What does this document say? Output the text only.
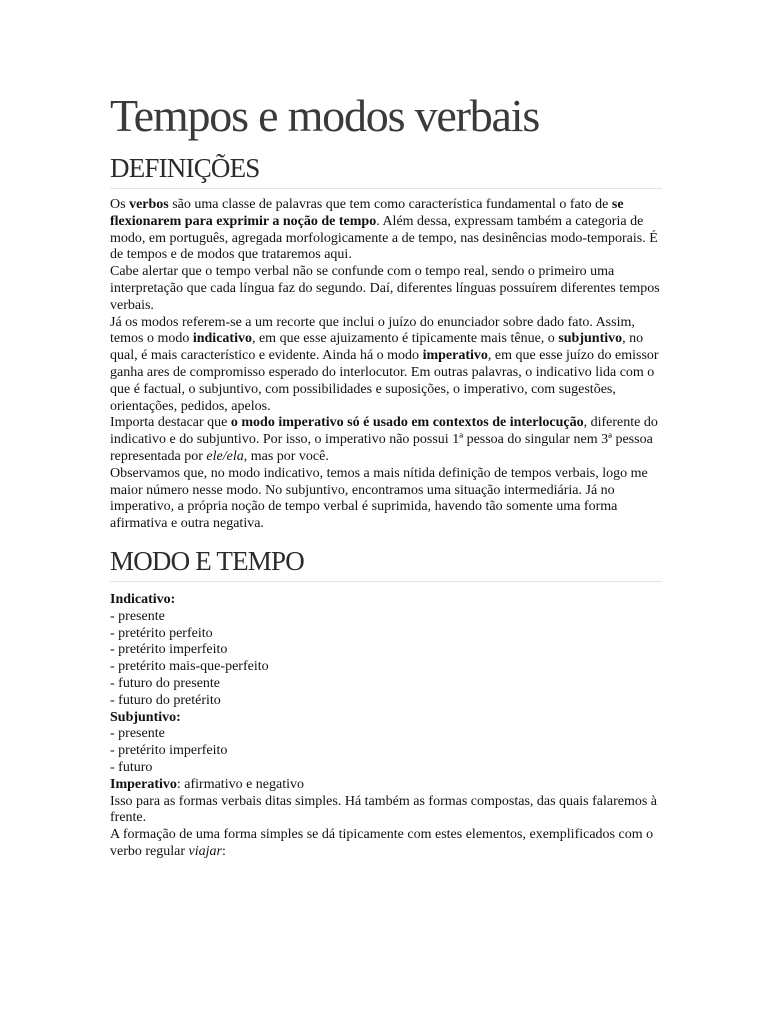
Tempos e modos verbais
DEFINIÇÕES

Os verbos são uma classe de palavras que tem como característica fundamental o fato de se flexionarem para exprimir a noção de tempo. Além dessa, expressam também a categoria de modo, em português, agregada morfologicamente a de tempo, nas desinências modo-temporais. É de tempos e de modos que trataremos aqui.

Cabe alertar que o tempo verbal não se confunde com o tempo real, sendo o primeiro uma interpretação que cada língua faz do segundo. Daí, diferentes línguas possuírem diferentes tempos verbais.

Já os modos referem-se a um recorte que inclui o juízo do enunciador sobre dado fato. Assim, temos o modo indicativo, em que esse ajuizamento é tipicamente mais tênue, o subjuntivo, no qual, é mais característico e evidente. Ainda há o modo imperativo, em que esse juízo do emissor ganha ares de compromisso esperado do interlocutor. Em outras palavras, o indicativo lida com o que é factual, o subjuntivo, com possibilidades e suposições, o imperativo, com sugestões, orientações, pedidos, apelos.

Importa destacar que o modo imperativo só é usado em contextos de interlocução, diferente do indicativo e do subjuntivo. Por isso, o imperativo não possui 1ª pessoa do singular nem 3ª pessoa representada por ele/ela, mas por você.

Observamos que, no modo indicativo, temos a mais nítida definição de tempos verbais, logo me maior número nesse modo. No subjuntivo, encontramos uma situação intermediária. Já no imperativo, a própria noção de tempo verbal é suprimida, havendo tão somente uma forma afirmativa e outra negativa.

MODO E TEMPO
Indicativo:
- presente
- pretérito perfeito
- pretérito imperfeito
- pretérito mais-que-perfeito
- futuro do presente
- futuro do pretérito
Subjuntivo:
- presente
- pretérito imperfeito
- futuro
Imperativo: afirmativo e negativo

Isso para as formas verbais ditas simples. Há também as formas compostas, das quais falaremos à frente.

A formação de uma forma simples se dá tipicamente com estes elementos, exemplificados com o verbo regular viajar:
